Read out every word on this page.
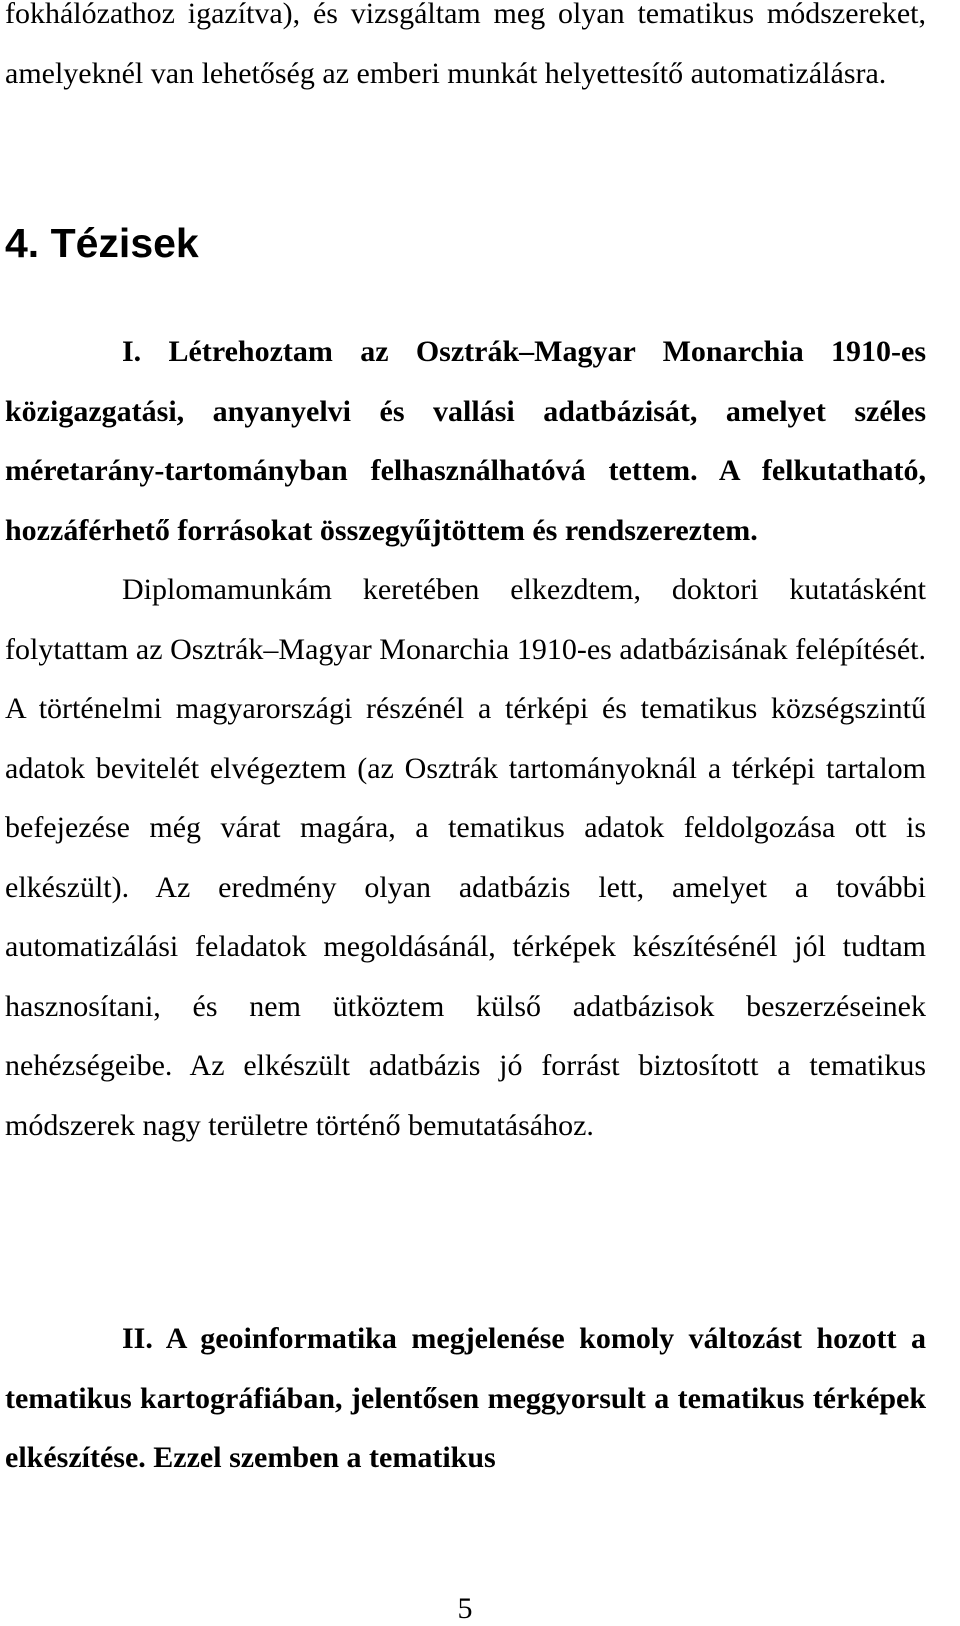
fokhálózathoz igazítva), és vizsgáltam meg olyan tematikus módszereket, amelyeknél van lehetőség az emberi munkát helyettesítő automatizálásra.

4. Tézisek

I. Létrehoztam az Osztrák–Magyar Monarchia 1910-es közigazgatási, anyanyelvi és vallási adatbázisát, amelyet széles méretarány-tartományban felhasználhatóvá tettem. A felkutatható, hozzáférhető forrásokat összegyűjtöttem és rendszereztem.

Diplomamunkám keretében elkezdtem, doktori kutatásként folytattam az Osztrák–Magyar Monarchia 1910-es adatbázisának felépítését. A történelmi magyarországi részénél a térképi és tematikus községszintű adatok bevitelét elvégeztem (az Osztrák tartományoknál a térképi tartalom befejezése még várat magára, a tematikus adatok feldolgozása ott is elkészült). Az eredmény olyan adatbázis lett, amelyet a további automatizálási feladatok megoldásánál, térképek készítésénél jól tudtam hasznosítani, és nem ütköztem külső adatbázisok beszerzéseinek nehézségeibe. Az elkészült adatbázis jó forrást biztosított a tematikus módszerek nagy területre történő bemutatásához.

II. A geoinformatika megjelenése komoly változást hozott a tematikus kartográfiában, jelentősen meggyorsult a tematikus térképek elkészítése. Ezzel szemben a tematikus

5
